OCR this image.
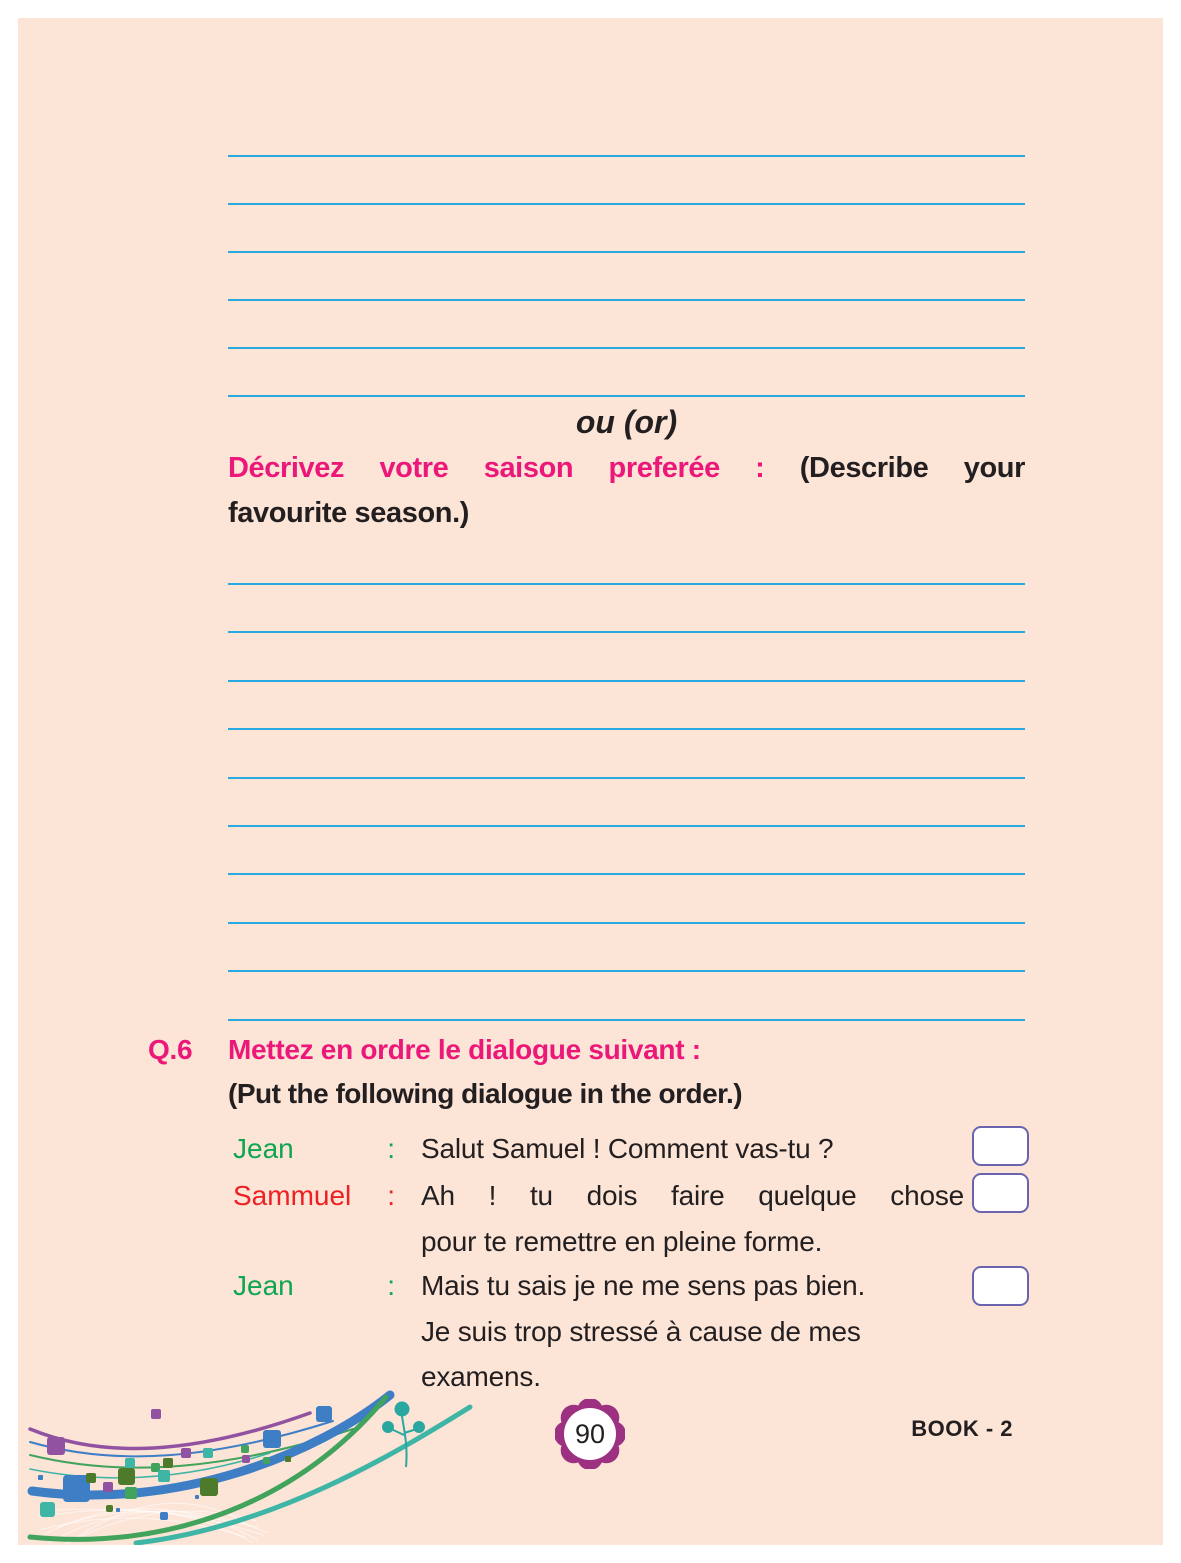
ou (or)
Décrivez votre saison preferée : (Describe your
favourite season.)
Q.6 Mettez en ordre le dialogue suivant :
(Put the following dialogue in the order.)
Jean	: Salut Samuel ! Comment vas-tu ?
Sammuel : Ah ! tu dois faire quelque chose
pour te remettre en pleine forme.
Jean	: Mais tu sais je ne me sens pas bien.
Je suis trop stressé à cause de mes
examens.
90	BOOK - 2
